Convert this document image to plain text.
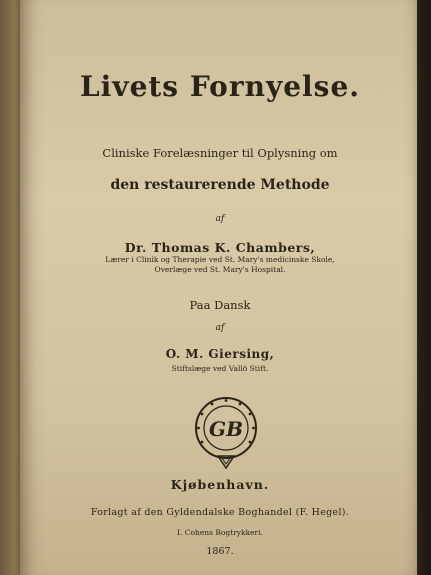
Livets Fornyelse.

Cliniske Forelæsninger til Oplysning om

den restaurerende Methode

af

Dr. Thomas K. Chambers,

Lærer i Clinik og Therapie ved St. Mary's medicinske Skole,

Overlæge ved St. Mary's Hospital.

Paa Dansk

af

O. M. Giersing,

Stiftslæge ved Vallö Stift.

GB

Kjøbenhavn.

Forlagt af den Gyldendalske Boghandel (F. Hegel).

I. Cohens Bogtrykkeri.

1867.
